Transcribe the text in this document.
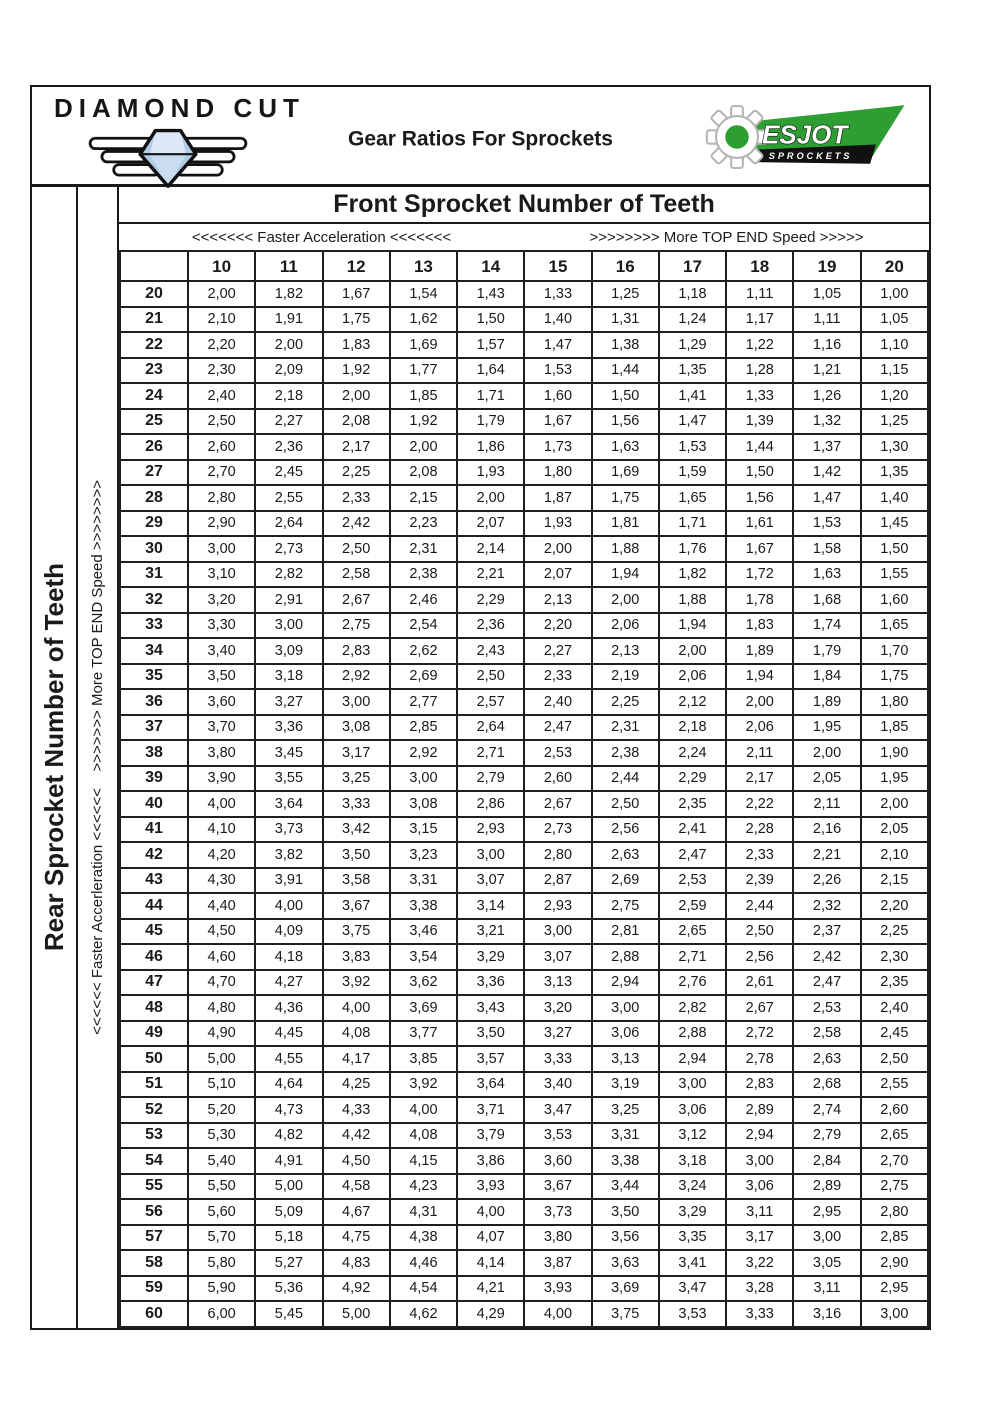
DIAMOND CUT
Gear Ratios For Sprockets	ESJOT
SPROCKETS
Rear Sprocket Number of Teeth >>>>>>> More TOP END Speed >>>>>>>>
<<<<<< Faster Accerleration <<<<<<
Front Sprocket Number of Teeth
<<<<<<< Faster Acceleration <<<<<<<	>>>>>>>> More TOP END Speed >>>>>
	10	11	12	13	14	15	16	17	18	19	20
20	2,00	1,82	1,67	1,54	1,43	1,33	1,25	1,18	1,11	1,05	1,00
21	2,10	1,91	1,75	1,62	1,50	1,40	1,31	1,24	1,17	1,11	1,05
22	2,20	2,00	1,83	1,69	1,57	1,47	1,38	1,29	1,22	1,16	1,10
23	2,30	2,09	1,92	1,77	1,64	1,53	1,44	1,35	1,28	1,21	1,15
24	2,40	2,18	2,00	1,85	1,71	1,60	1,50	1,41	1,33	1,26	1,20
25	2,50	2,27	2,08	1,92	1,79	1,67	1,56	1,47	1,39	1,32	1,25
26	2,60	2,36	2,17	2,00	1,86	1,73	1,63	1,53	1,44	1,37	1,30
27	2,70	2,45	2,25	2,08	1,93	1,80	1,69	1,59	1,50	1,42	1,35
28	2,80	2,55	2,33	2,15	2,00	1,87	1,75	1,65	1,56	1,47	1,40
29	2,90	2,64	2,42	2,23	2,07	1,93	1,81	1,71	1,61	1,53	1,45
30	3,00	2,73	2,50	2,31	2,14	2,00	1,88	1,76	1,67	1,58	1,50
31	3,10	2,82	2,58	2,38	2,21	2,07	1,94	1,82	1,72	1,63	1,55
32	3,20	2,91	2,67	2,46	2,29	2,13	2,00	1,88	1,78	1,68	1,60
33	3,30	3,00	2,75	2,54	2,36	2,20	2,06	1,94	1,83	1,74	1,65
34	3,40	3,09	2,83	2,62	2,43	2,27	2,13	2,00	1,89	1,79	1,70
35	3,50	3,18	2,92	2,69	2,50	2,33	2,19	2,06	1,94	1,84	1,75
36	3,60	3,27	3,00	2,77	2,57	2,40	2,25	2,12	2,00	1,89	1,80
37	3,70	3,36	3,08	2,85	2,64	2,47	2,31	2,18	2,06	1,95	1,85
38	3,80	3,45	3,17	2,92	2,71	2,53	2,38	2,24	2,11	2,00	1,90
39	3,90	3,55	3,25	3,00	2,79	2,60	2,44	2,29	2,17	2,05	1,95
40	4,00	3,64	3,33	3,08	2,86	2,67	2,50	2,35	2,22	2,11	2,00
41	4,10	3,73	3,42	3,15	2,93	2,73	2,56	2,41	2,28	2,16	2,05
42	4,20	3,82	3,50	3,23	3,00	2,80	2,63	2,47	2,33	2,21	2,10
43	4,30	3,91	3,58	3,31	3,07	2,87	2,69	2,53	2,39	2,26	2,15
44	4,40	4,00	3,67	3,38	3,14	2,93	2,75	2,59	2,44	2,32	2,20
45	4,50	4,09	3,75	3,46	3,21	3,00	2,81	2,65	2,50	2,37	2,25
46	4,60	4,18	3,83	3,54	3,29	3,07	2,88	2,71	2,56	2,42	2,30
47	4,70	4,27	3,92	3,62	3,36	3,13	2,94	2,76	2,61	2,47	2,35
48	4,80	4,36	4,00	3,69	3,43	3,20	3,00	2,82	2,67	2,53	2,40
49	4,90	4,45	4,08	3,77	3,50	3,27	3,06	2,88	2,72	2,58	2,45
50	5,00	4,55	4,17	3,85	3,57	3,33	3,13	2,94	2,78	2,63	2,50
51	5,10	4,64	4,25	3,92	3,64	3,40	3,19	3,00	2,83	2,68	2,55
52	5,20	4,73	4,33	4,00	3,71	3,47	3,25	3,06	2,89	2,74	2,60
53	5,30	4,82	4,42	4,08	3,79	3,53	3,31	3,12	2,94	2,79	2,65
54	5,40	4,91	4,50	4,15	3,86	3,60	3,38	3,18	3,00	2,84	2,70
55	5,50	5,00	4,58	4,23	3,93	3,67	3,44	3,24	3,06	2,89	2,75
56	5,60	5,09	4,67	4,31	4,00	3,73	3,50	3,29	3,11	2,95	2,80
57	5,70	5,18	4,75	4,38	4,07	3,80	3,56	3,35	3,17	3,00	2,85
58	5,80	5,27	4,83	4,46	4,14	3,87	3,63	3,41	3,22	3,05	2,90
59	5,90	5,36	4,92	4,54	4,21	3,93	3,69	3,47	3,28	3,11	2,95
60	6,00	5,45	5,00	4,62	4,29	4,00	3,75	3,53	3,33	3,16	3,00
